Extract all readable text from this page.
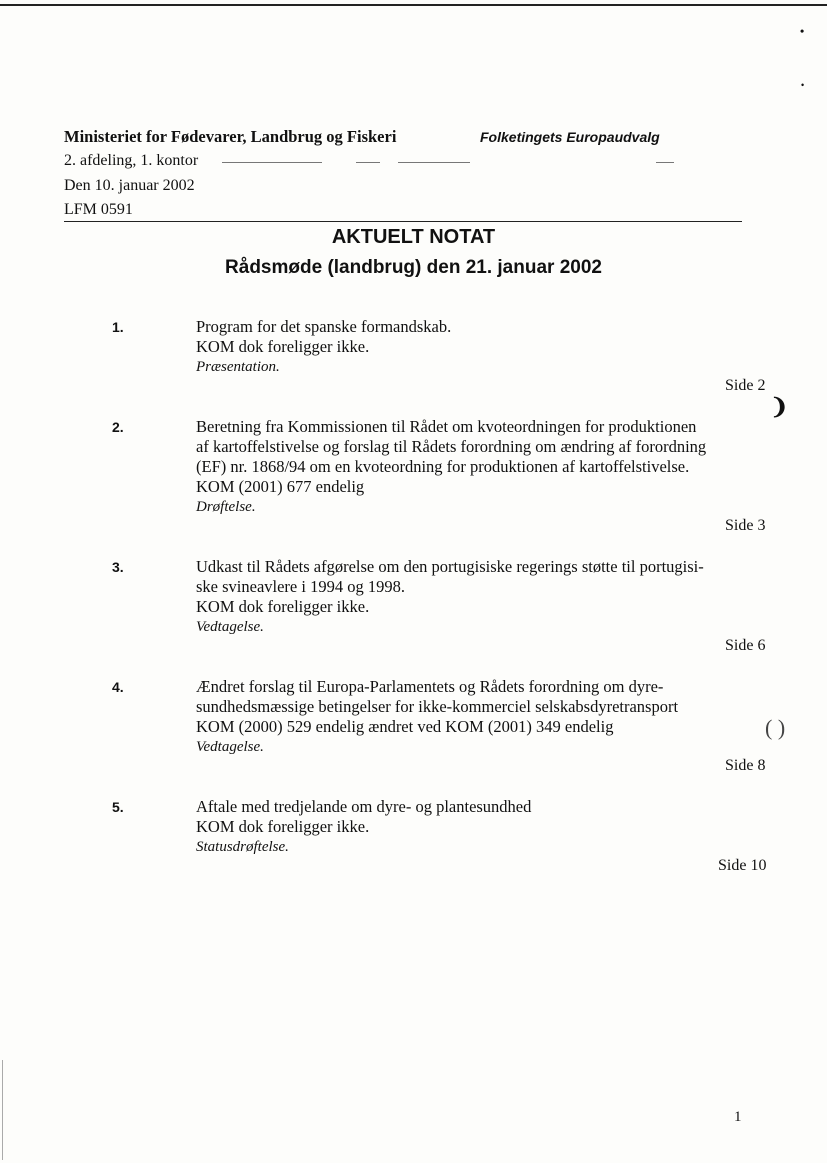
Ministeriet for Fødevarer, Landbrug og Fiskeri	Folketingets Europaudvalg
2. afdeling, 1. kontor
Den 10. januar 2002
LFM 0591
AKTUELT NOTAT
Rådsmøde (landbrug) den 21. januar 2002
1.	Program for det spanske formandskab.
KOM dok foreligger ikke.
Præsentation.
Side 2
2.	Beretning fra Kommissionen til Rådet om kvoteordningen for produktionen
af kartoffelstivelse og forslag til Rådets forordning om ændring af forordning
(EF) nr. 1868/94 om en kvoteordning for produktionen af kartoffelstivelse.
KOM (2001) 677 endelig
Drøftelse.
Side 3
3.	Udkast til Rådets afgørelse om den portugisiske regerings støtte til portugisi-
ske svineavlere i 1994 og 1998.
KOM dok foreligger ikke.
Vedtagelse.
Side 6
4.	Ændret forslag til Europa-Parlamentets og Rådets forordning om dyre-
sundhedsmæssige betingelser for ikke-kommerciel selskabsdyretransport
KOM (2000) 529 endelig ændret ved KOM (2001) 349 endelig
Vedtagelse.
Side 8
5.	Aftale med tredjelande om dyre- og plantesundhed
KOM dok foreligger ikke.
Statusdrøftelse.
Side 10
❩
( )
•
•
1
